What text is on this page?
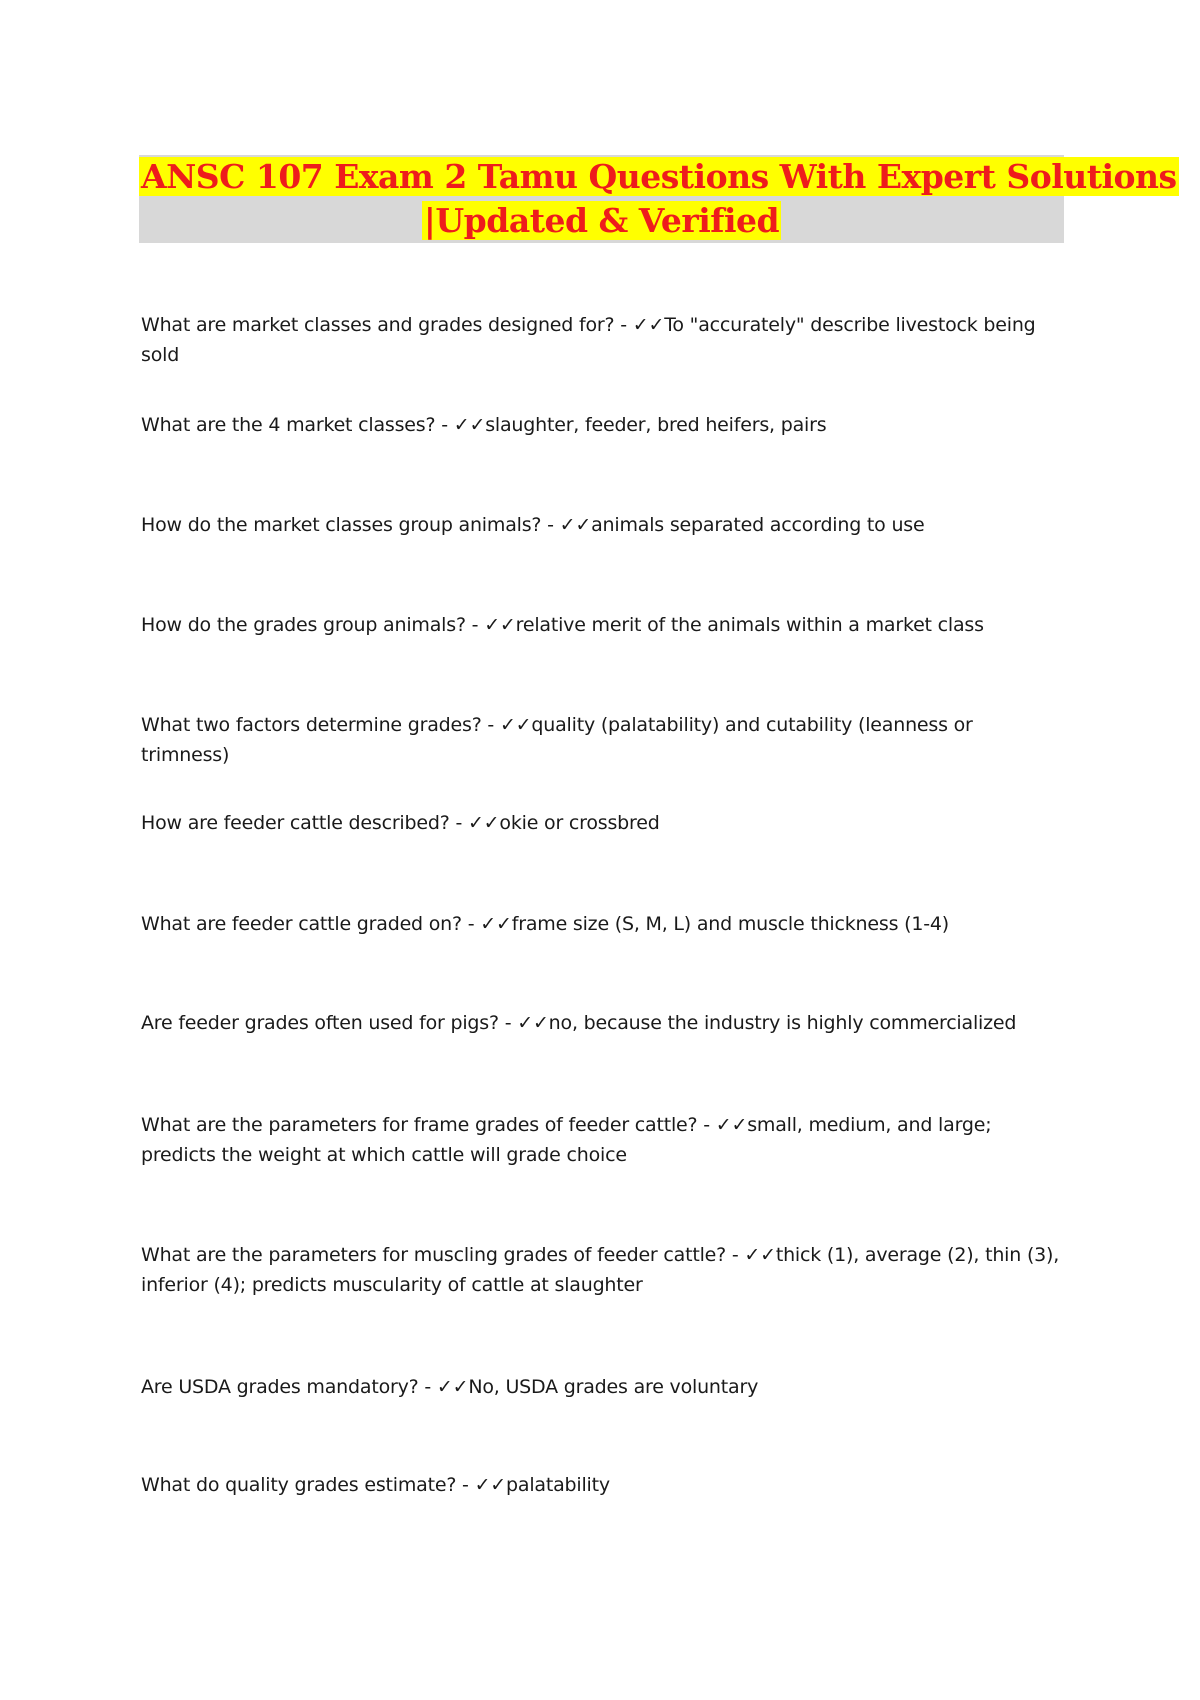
ANSC 107 Exam 2 Tamu Questions With Expert Solutions
|Updated & Verified
What are market classes and grades designed for? - ✓✓To "accurately" describe livestock being sold
What are the 4 market classes? - ✓✓slaughter, feeder, bred heifers, pairs
How do the market classes group animals? - ✓✓animals separated according to use
How do the grades group animals? - ✓✓relative merit of the animals within a market class
What two factors determine grades? - ✓✓quality (palatability) and cutability (leanness or trimness)
How are feeder cattle described? - ✓✓okie or crossbred
What are feeder cattle graded on? - ✓✓frame size (S, M, L) and muscle thickness (1-4)
Are feeder grades often used for pigs? - ✓✓no, because the industry is highly commercialized
What are the parameters for frame grades of feeder cattle? - ✓✓small, medium, and large; predicts the weight at which cattle will grade choice
What are the parameters for muscling grades of feeder cattle? - ✓✓thick (1), average (2), thin (3), inferior (4); predicts muscularity of cattle at slaughter
Are USDA grades mandatory? - ✓✓No, USDA grades are voluntary
What do quality grades estimate? - ✓✓palatability
